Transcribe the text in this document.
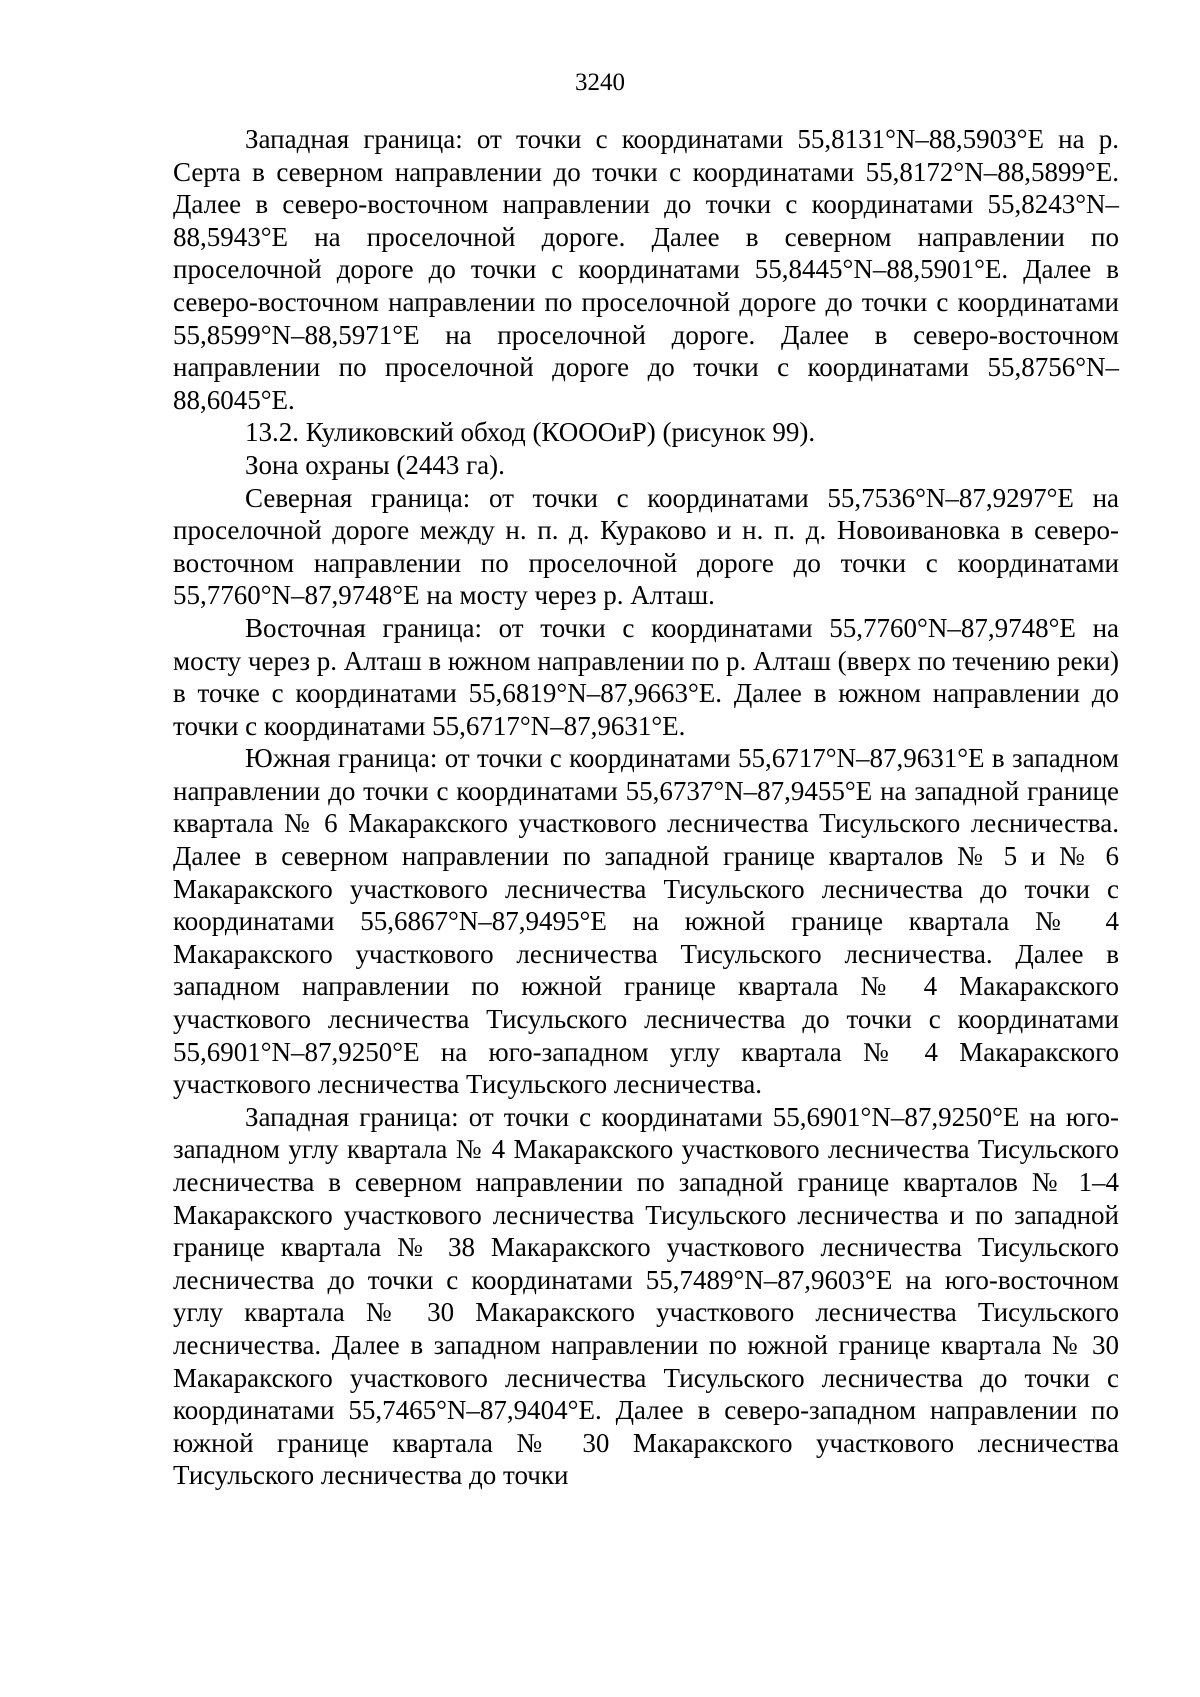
3240

Западная граница: от точки с координатами 55,8131°N–88,5903°E на р. Серта в северном направлении до точки с координатами 55,8172°N–88,5899°E. Далее в северо-восточном направлении до точки с координатами 55,8243°N–88,5943°E на проселочной дороге. Далее в северном направлении по проселочной дороге до точки с координатами 55,8445°N–88,5901°E. Далее в северо-восточном направлении по проселочной дороге до точки с координатами 55,8599°N–88,5971°E на проселочной дороге. Далее в северо-восточном направлении по проселочной дороге до точки с координатами 55,8756°N–88,6045°E.

13.2. Куликовский обход (КОООиР) (рисунок 99).

Зона охраны (2443 га).

Северная граница: от точки с координатами 55,7536°N–87,9297°E на проселочной дороге между н. п. д. Кураково и н. п. д. Новоивановка в северо-восточном направлении по проселочной дороге до точки с координатами 55,7760°N–87,9748°E на мосту через р. Алташ.

Восточная граница: от точки с координатами 55,7760°N–87,9748°E на мосту через р. Алташ в южном направлении по р. Алташ (вверх по течению реки) в точке с координатами 55,6819°N–87,9663°E. Далее в южном направлении до точки с координатами 55,6717°N–87,9631°E.

Южная граница: от точки с координатами 55,6717°N–87,9631°E в западном направлении до точки с координатами 55,6737°N–87,9455°E на западной границе квартала № 6 Макаракского участкового лесничества Тисульского лесничества. Далее в северном направлении по западной границе кварталов № 5 и № 6 Макаракского участкового лесничества Тисульского лесничества до точки с координатами 55,6867°N–87,9495°E на южной границе квартала № 4 Макаракского участкового лесничества Тисульского лесничества. Далее в западном направлении по южной границе квартала № 4 Макаракского участкового лесничества Тисульского лесничества до точки с координатами 55,6901°N–87,9250°E на юго-западном углу квартала № 4 Макаракского участкового лесничества Тисульского лесничества.

Западная граница: от точки с координатами 55,6901°N–87,9250°E на юго-западном углу квартала № 4 Макаракского участкового лесничества Тисульского лесничества в северном направлении по западной границе кварталов № 1–4 Макаракского участкового лесничества Тисульского лесничества и по западной границе квартала № 38 Макаракского участкового лесничества Тисульского лесничества до точки с координатами 55,7489°N–87,9603°E на юго-восточном углу квартала № 30 Макаракского участкового лесничества Тисульского лесничества. Далее в западном направлении по южной границе квартала № 30 Макаракского участкового лесничества Тисульского лесничества до точки с координатами 55,7465°N–87,9404°E. Далее в северо-западном направлении по южной границе квартала № 30 Макаракского участкового лесничества Тисульского лесничества до точки
